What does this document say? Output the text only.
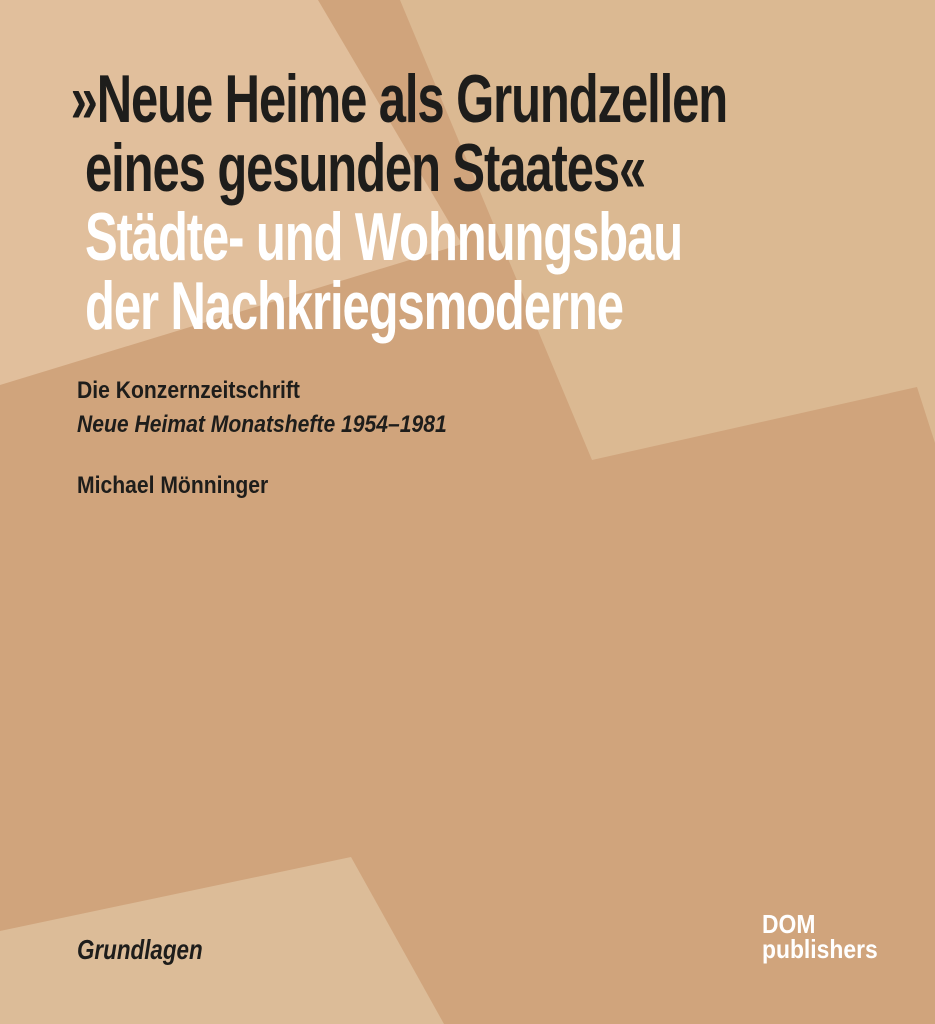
»Neue Heime als Grundzellen
eines gesunden Staates«
Städte- und Wohnungsbau
der Nachkriegsmoderne
Die Konzernzeitschrift
Neue Heimat Monatshefte 1954–1981
Michael Mönninger
Grundlagen
DOM
publishers
